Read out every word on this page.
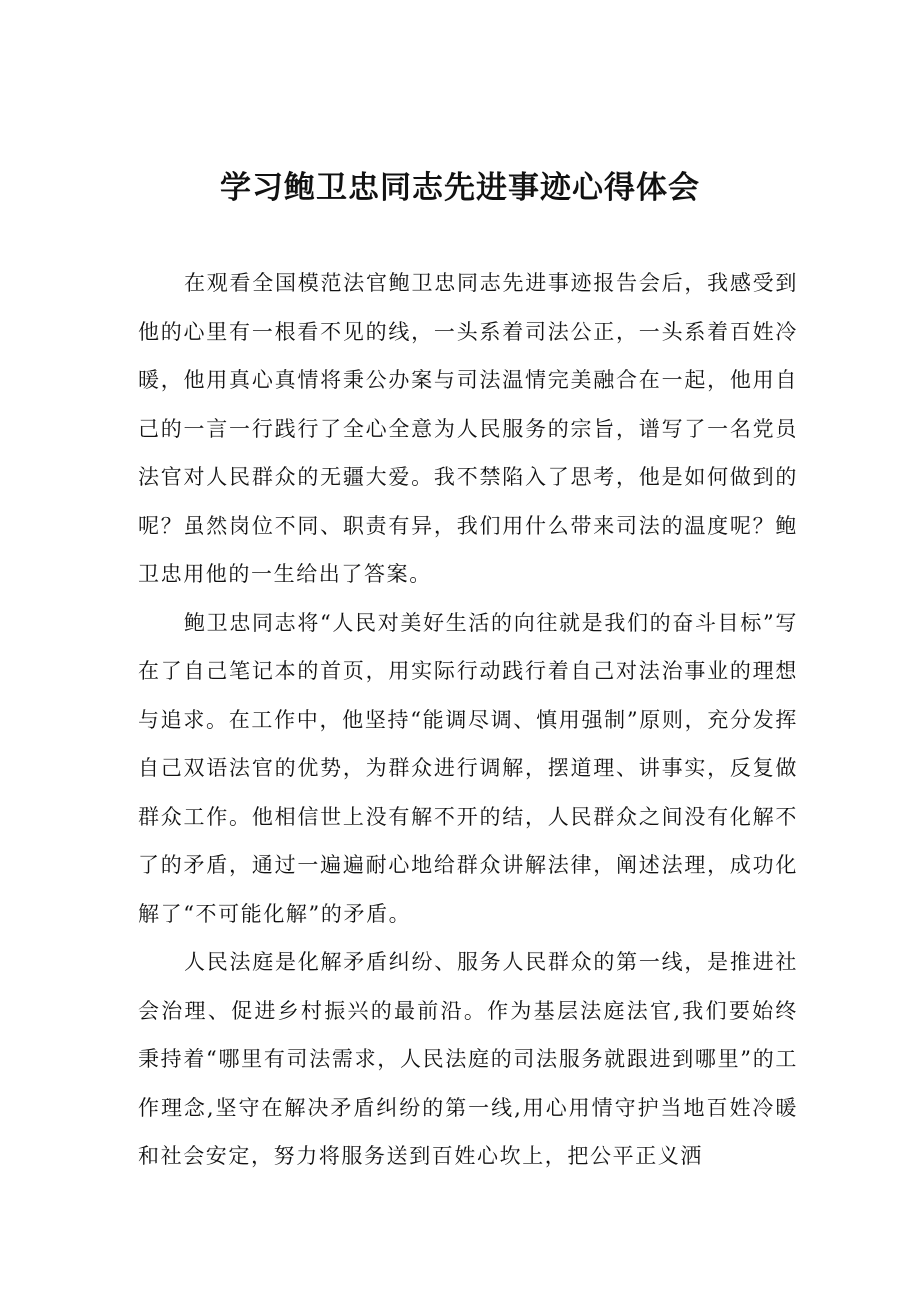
学习鲍卫忠同志先进事迹心得体会

在观看全国模范法官鲍卫忠同志先进事迹报告会后，我感受到他的心里有一根看不见的线，一头系着司法公正，一头系着百姓冷暖，他用真心真情将秉公办案与司法温情完美融合在一起，他用自己的一言一行践行了全心全意为人民服务的宗旨，谱写了一名党员法官对人民群众的无疆大爱。我不禁陷入了思考，他是如何做到的呢？虽然岗位不同、职责有异，我们用什么带来司法的温度呢？鲍卫忠用他的一生给出了答案。

鲍卫忠同志将“人民对美好生活的向往就是我们的奋斗目标”写在了自己笔记本的首页，用实际行动践行着自己对法治事业的理想与追求。在工作中，他坚持“能调尽调、慎用强制”原则，充分发挥自己双语法官的优势，为群众进行调解，摆道理、讲事实，反复做群众工作。他相信世上没有解不开的结，人民群众之间没有化解不了的矛盾，通过一遍遍耐心地给群众讲解法律，阐述法理，成功化解了“不可能化解”的矛盾。

人民法庭是化解矛盾纠纷、服务人民群众的第一线，是推进社会治理、促进乡村振兴的最前沿。作为基层法庭法官,我们要始终秉持着“哪里有司法需求，人民法庭的司法服务就跟进到哪里”的工作理念,坚守在解决矛盾纠纷的第一线,用心用情守护当地百姓冷暖和社会安定，努力将服务送到百姓心坎上，把公平正义洒
